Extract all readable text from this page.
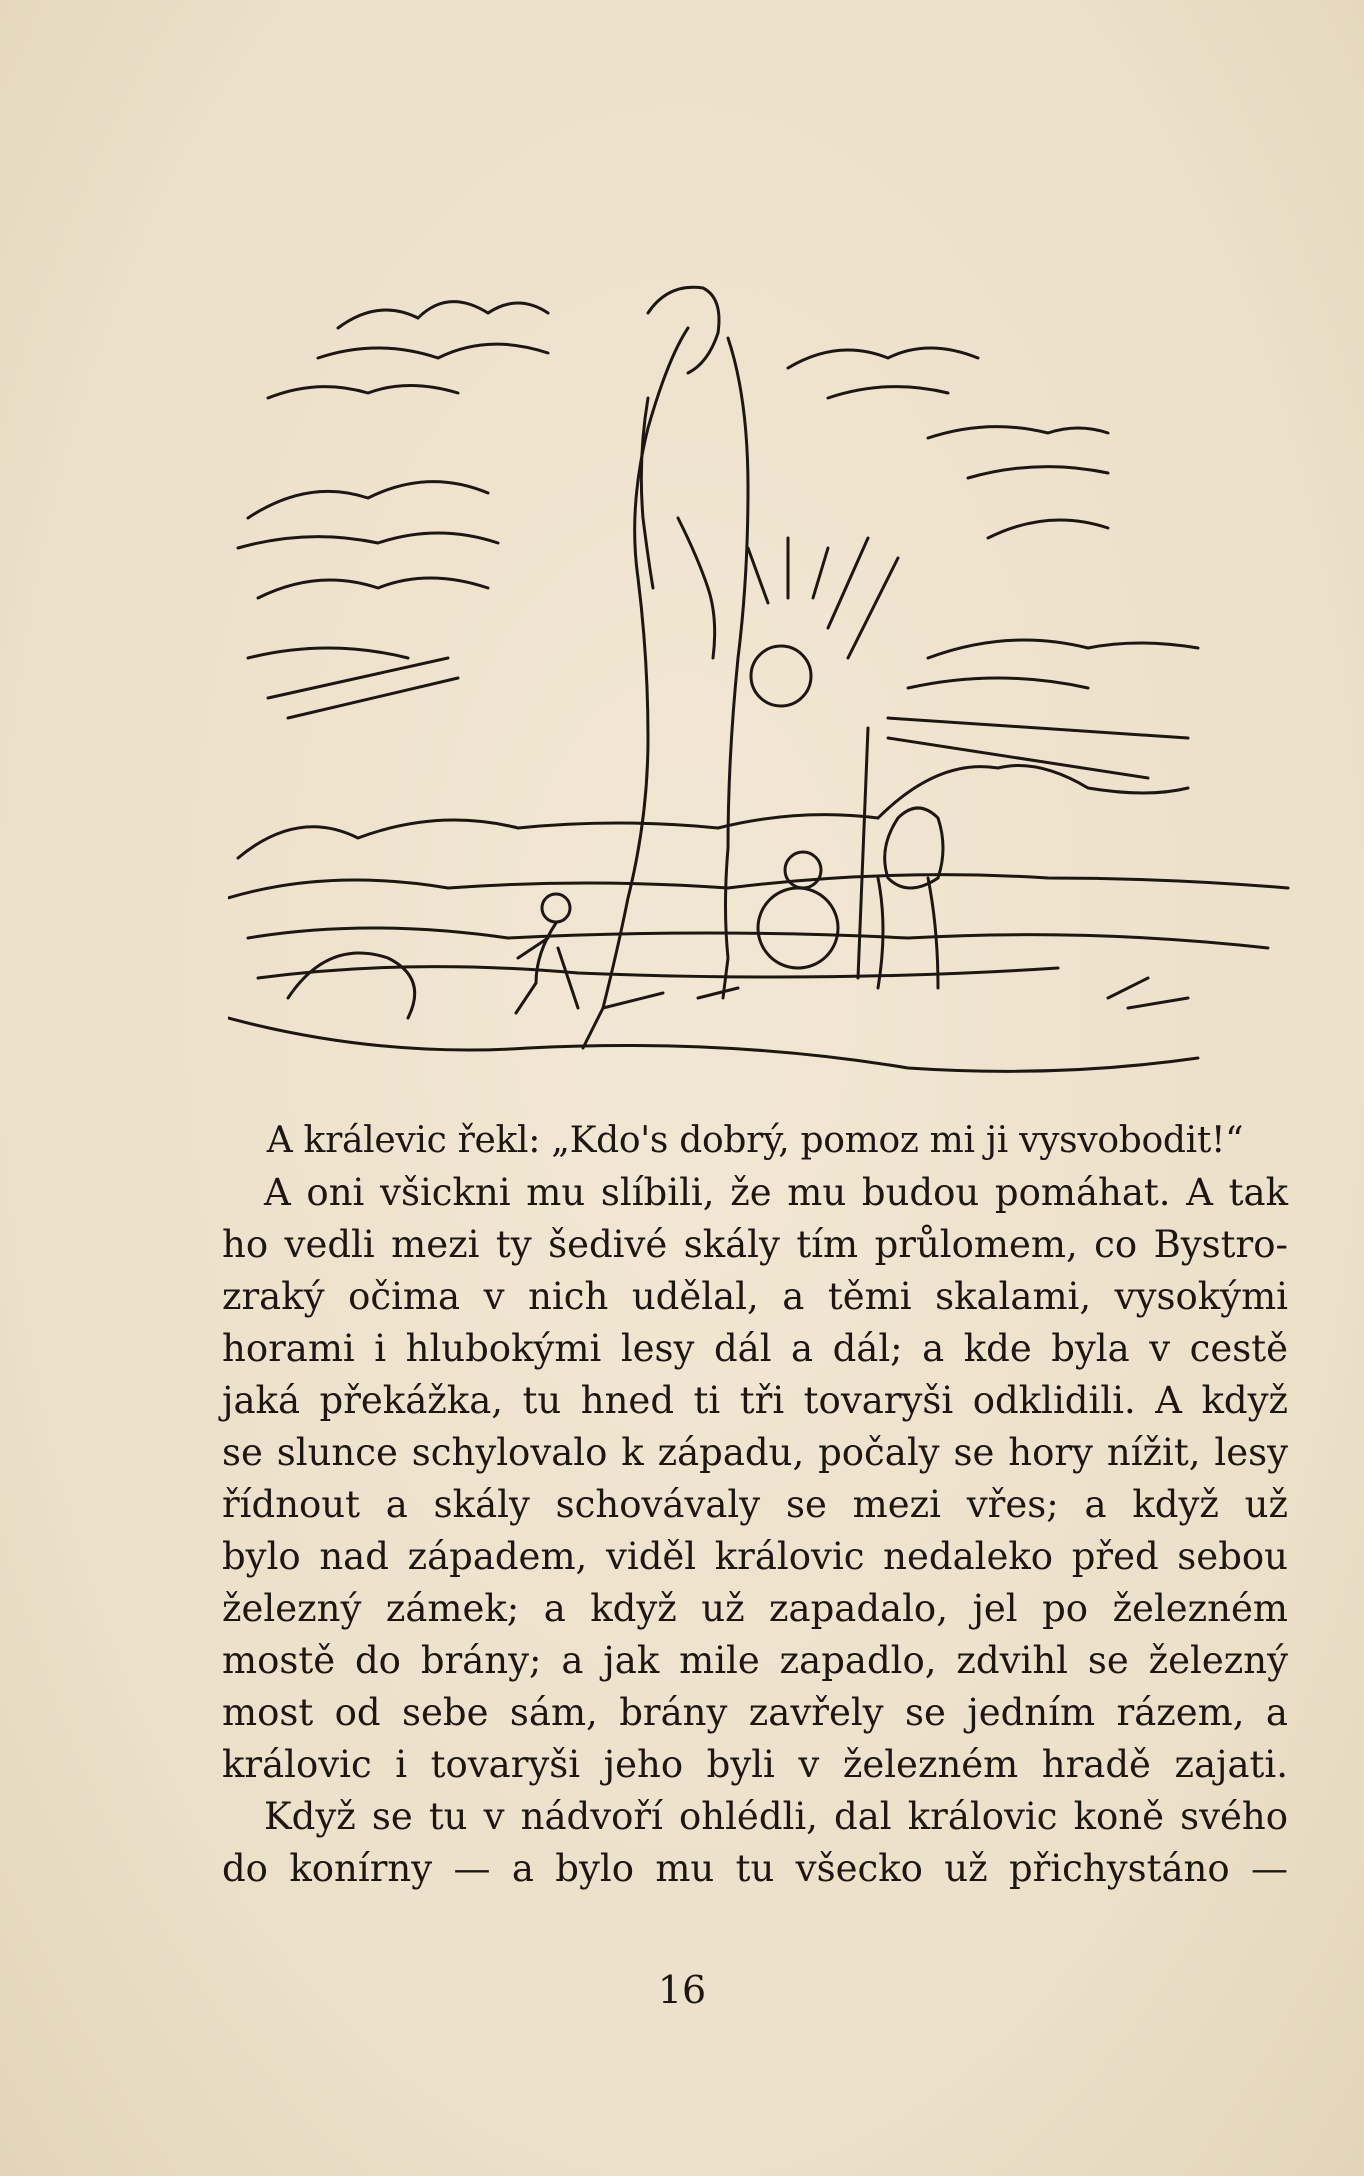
A králevic řekl: „Kdo's dobrý, pomoz mi ji vysvobodit!“
A oni všickni mu slíbili, že mu budou pomáhat. A tak
ho vedli mezi ty šedivé skály tím průlomem, co Bystro-
zraký očima v nich udělal, a těmi skalami, vysokými
horami i hlubokými lesy dál a dál; a kde byla v cestě
jaká překážka, tu hned ti tři tovaryši odklidili. A když
se slunce schylovalo k západu, počaly se hory nížit, lesy
řídnout a skály schovávaly se mezi vřes; a když už
bylo nad západem, viděl královic nedaleko před sebou
železný zámek; a když už zapadalo, jel po železném
mostě do brány; a jak mile zapadlo, zdvihl se železný
most od sebe sám, brány zavřely se jedním rázem, a
královic i tovaryši jeho byli v železném hradě zajati.
Když se tu v nádvoří ohlédli, dal královic koně svého
do konírny — a bylo mu tu všecko už přichystáno —
16
